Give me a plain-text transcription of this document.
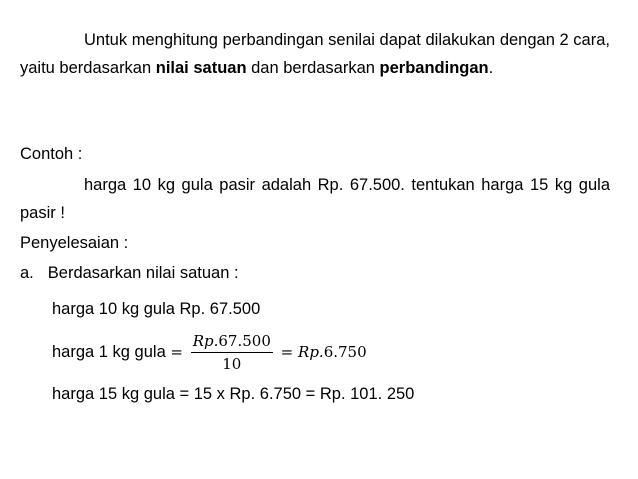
Untuk menghitung perbandingan senilai dapat dilakukan dengan 2 cara, yaitu berdasarkan nilai satuan dan berdasarkan perbandingan.
Contoh :
harga 10 kg gula pasir adalah Rp. 67.500. tentukan harga 15 kg gula pasir !
Penyelesaian :
a. Berdasarkan nilai satuan :
harga 10 kg gula Rp. 67.500
harga 1 kg gula = $\frac{Rp.67.500}{10} = Rp.6.750$
harga 15 kg gula = 15 x Rp. 6.750 = Rp. 101. 250
